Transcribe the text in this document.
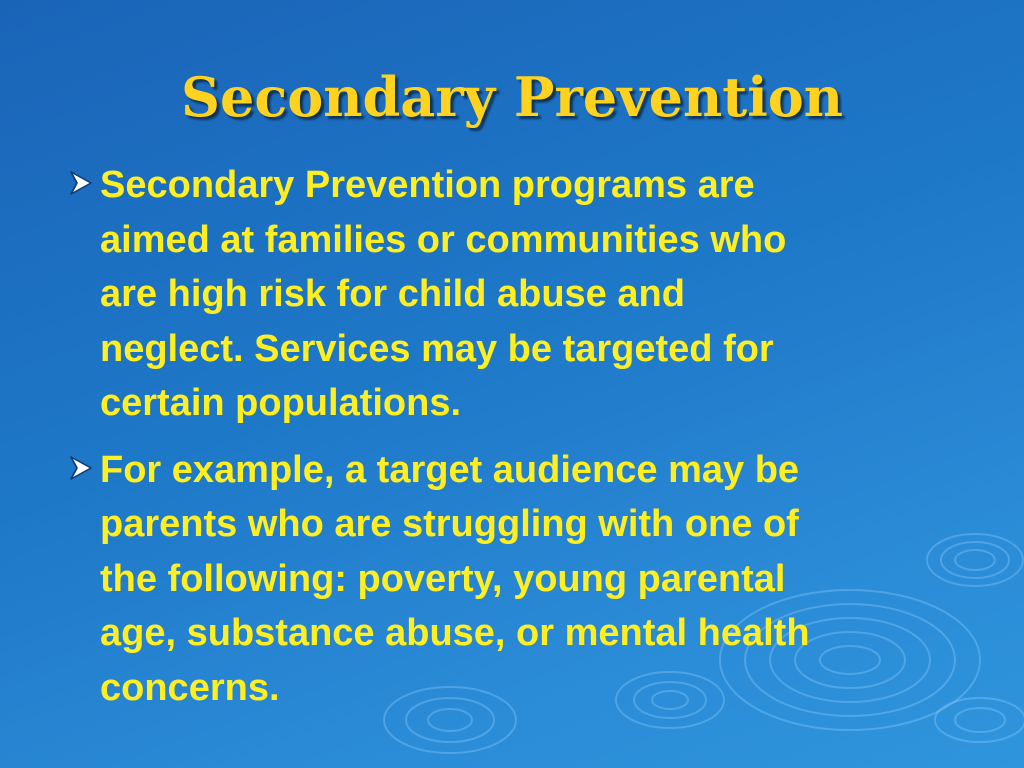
Secondary Prevention
Secondary Prevention programs are
aimed at families or communities who
are high risk for child abuse and
neglect. Services may be targeted for
certain populations.
For example, a target audience may be
parents who are struggling with one of
the following: poverty, young parental
age, substance abuse, or mental health
concerns.
